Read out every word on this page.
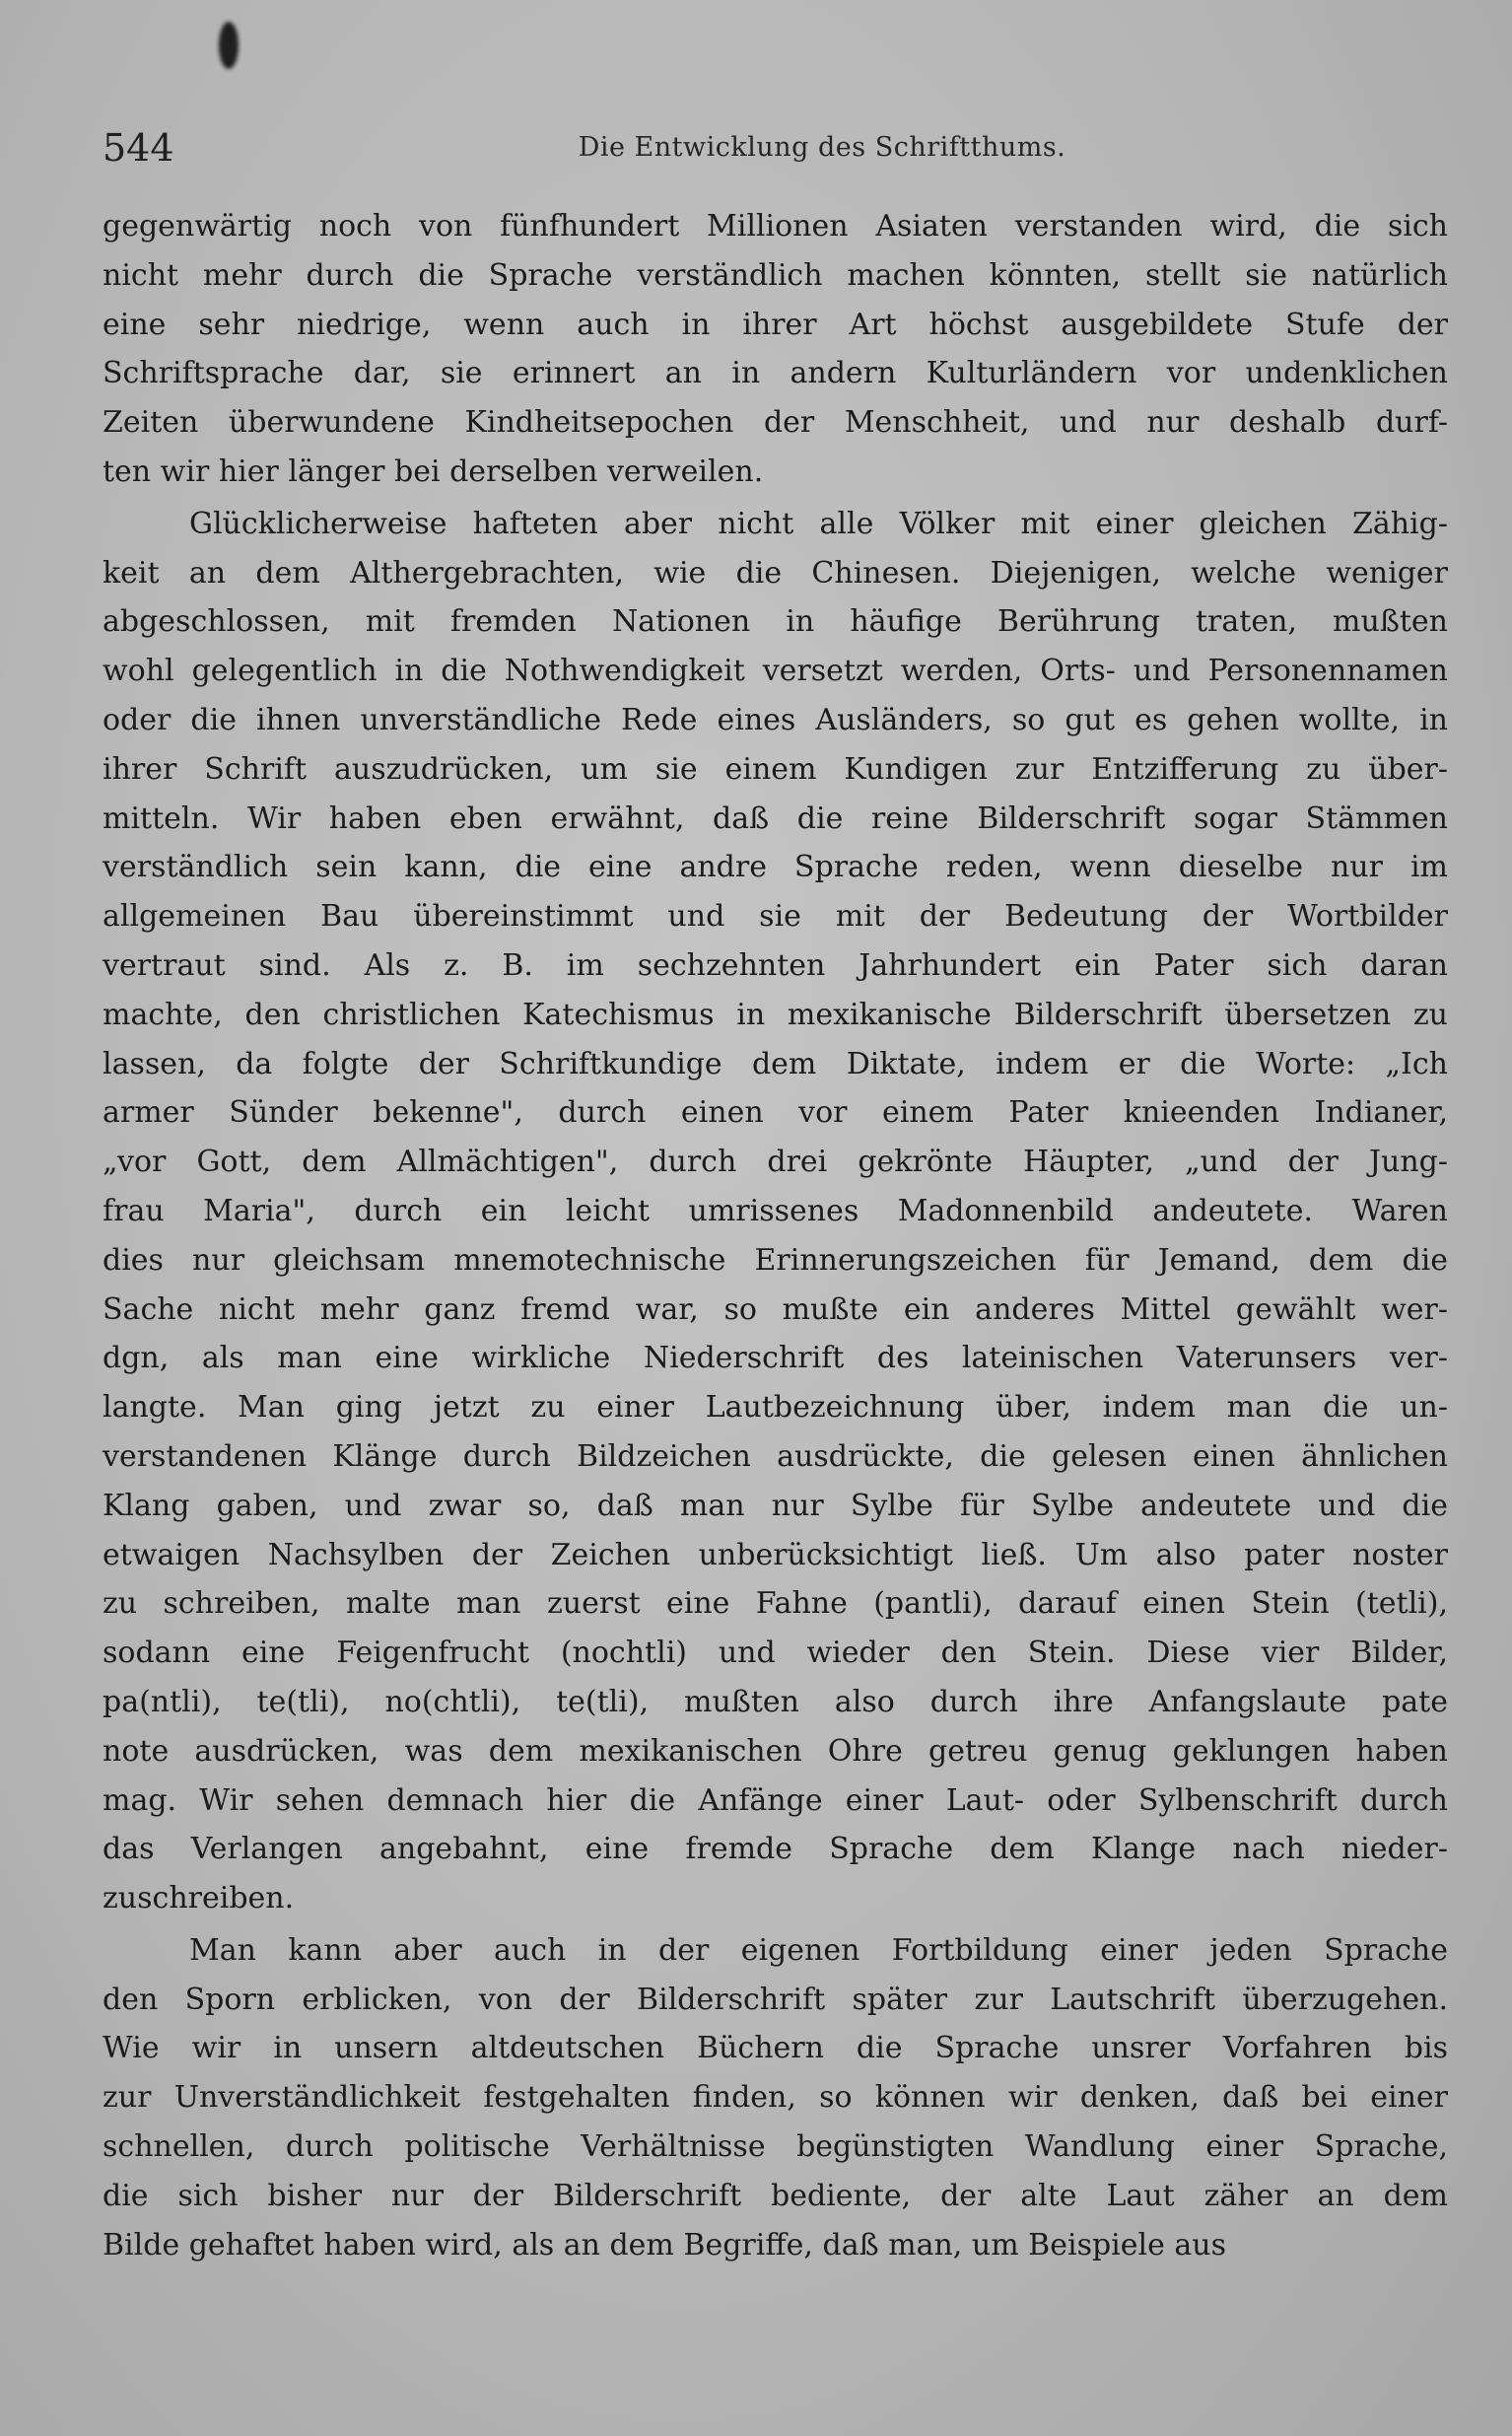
544	Die Entwicklung des Schriftthums.
gegenwärtig noch von fünfhundert Millionen Asiaten verstanden wird, die sich
nicht mehr durch die Sprache verständlich machen könnten, stellt sie natürlich
eine sehr niedrige, wenn auch in ihrer Art höchst ausgebildete Stufe der
Schriftsprache dar, sie erinnert an in andern Kulturländern vor undenklichen
Zeiten überwundene Kindheitsepochen der Menschheit, und nur deshalb durf-
ten wir hier länger bei derselben verweilen.
Glücklicherweise hafteten aber nicht alle Völker mit einer gleichen Zähig-
keit an dem Althergebrachten, wie die Chinesen. Diejenigen, welche weniger
abgeschlossen, mit fremden Nationen in häufige Berührung traten, mußten
wohl gelegentlich in die Nothwendigkeit versetzt werden, Orts- und Personennamen
oder die ihnen unverständliche Rede eines Ausländers, so gut es gehen wollte, in
ihrer Schrift auszudrücken, um sie einem Kundigen zur Entzifferung zu über-
mitteln. Wir haben eben erwähnt, daß die reine Bilderschrift sogar Stämmen
verständlich sein kann, die eine andre Sprache reden, wenn dieselbe nur im
allgemeinen Bau übereinstimmt und sie mit der Bedeutung der Wortbilder
vertraut sind. Als z. B. im sechzehnten Jahrhundert ein Pater sich daran
machte, den christlichen Katechismus in mexikanische Bilderschrift übersetzen zu
lassen, da folgte der Schriftkundige dem Diktate, indem er die Worte: „Ich
armer Sünder bekenne", durch einen vor einem Pater knieenden Indianer,
„vor Gott, dem Allmächtigen", durch drei gekrönte Häupter, „und der Jung-
frau Maria", durch ein leicht umrissenes Madonnenbild andeutete. Waren
dies nur gleichsam mnemotechnische Erinnerungszeichen für Jemand, dem die
Sache nicht mehr ganz fremd war, so mußte ein anderes Mittel gewählt wer-
dgn, als man eine wirkliche Niederschrift des lateinischen Vaterunsers ver-
langte. Man ging jetzt zu einer Lautbezeichnung über, indem man die un-
verstandenen Klänge durch Bildzeichen ausdrückte, die gelesen einen ähnlichen
Klang gaben, und zwar so, daß man nur Sylbe für Sylbe andeutete und die
etwaigen Nachsylben der Zeichen unberücksichtigt ließ. Um also pater noster
zu schreiben, malte man zuerst eine Fahne (pantli), darauf einen Stein (tetli),
sodann eine Feigenfrucht (nochtli) und wieder den Stein. Diese vier Bilder,
pa(ntli), te(tli), no(chtli), te(tli), mußten also durch ihre Anfangslaute pate
note ausdrücken, was dem mexikanischen Ohre getreu genug geklungen haben
mag. Wir sehen demnach hier die Anfänge einer Laut- oder Sylbenschrift durch
das Verlangen angebahnt, eine fremde Sprache dem Klange nach nieder-
zuschreiben.
Man kann aber auch in der eigenen Fortbildung einer jeden Sprache
den Sporn erblicken, von der Bilderschrift später zur Lautschrift überzugehen.
Wie wir in unsern altdeutschen Büchern die Sprache unsrer Vorfahren bis
zur Unverständlichkeit festgehalten finden, so können wir denken, daß bei einer
schnellen, durch politische Verhältnisse begünstigten Wandlung einer Sprache,
die sich bisher nur der Bilderschrift bediente, der alte Laut zäher an dem
Bilde gehaftet haben wird, als an dem Begriffe, daß man, um Beispiele aus
